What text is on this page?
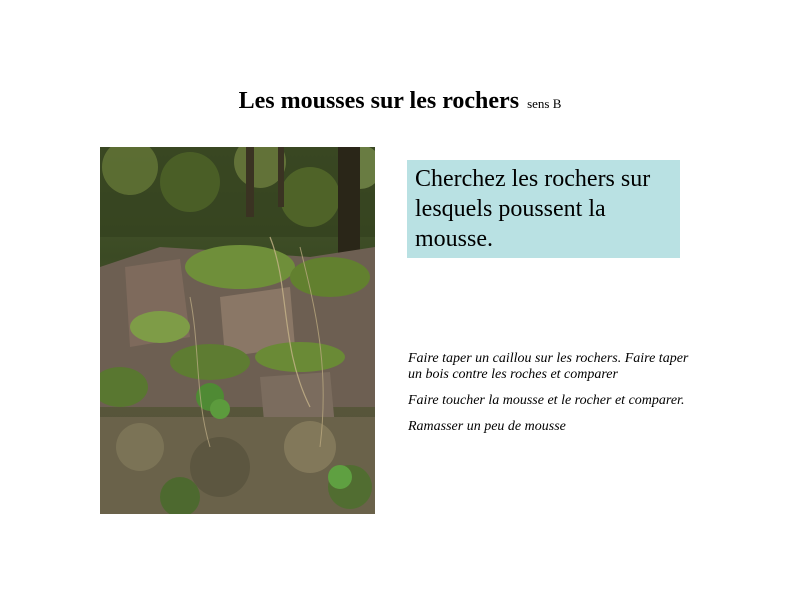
Les mousses sur les rochers sens B
Cherchez les rochers sur lesquels poussent la mousse.

Faire taper un caillou sur les rochers. Faire taper un bois contre les roches et comparer

Faire toucher la mousse et le rocher et comparer.

Ramasser un peu de mousse
